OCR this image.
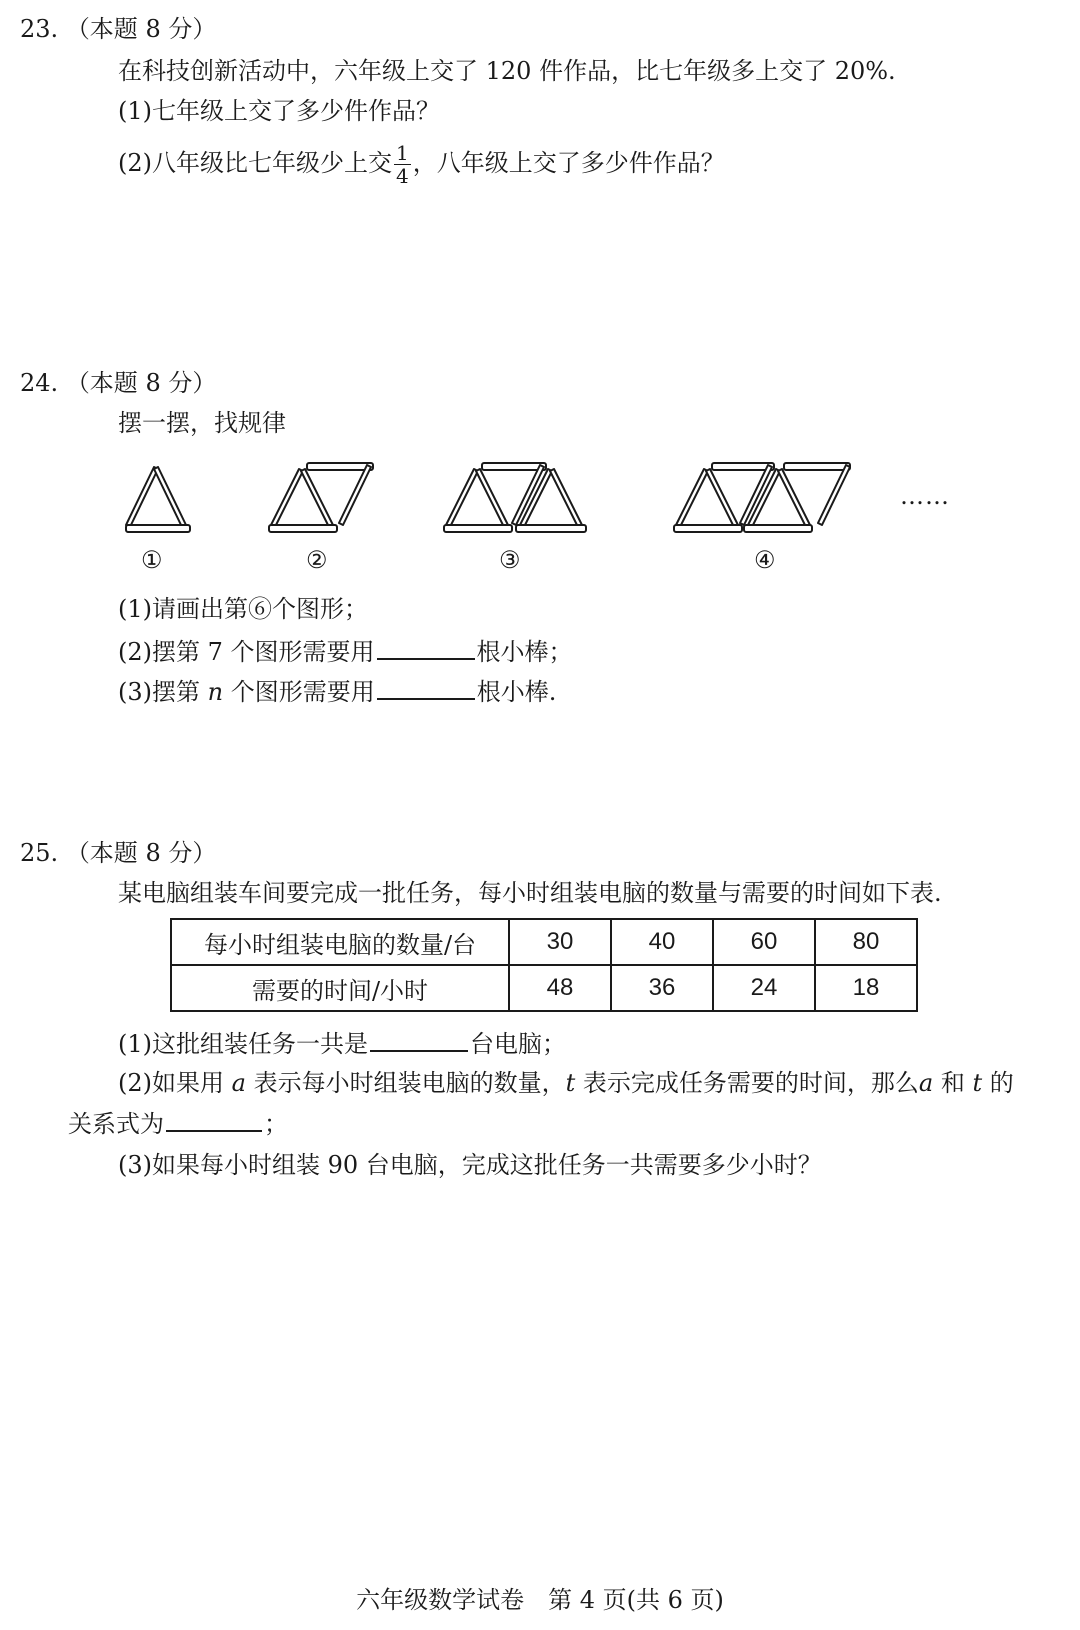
23. （本题 8 分）
在科技创新活动中，六年级上交了 120 件作品，比七年级多上交了 20%.
(1)七年级上交了多少件作品？
(2)八年级比七年级少上交 $\frac{1}{4}$ ，八年级上交了多少件作品？
24. （本题 8 分）
摆一摆，找规律
①	②	③	④
……
(1)请画出第⑥个图形；
(2)摆第 7 个图形需要用	根小棒；
(3)摆第 n 个图形需要用	根小棒.
25. （本题 8 分）
某电脑组装车间要完成一批任务，每小时组装电脑的数量与需要的时间如下表.
每小时组装电脑的数量/台	30	40	60	80
需要的时间/小时	48	36	24	18
(1)这批组装任务一共是	台电脑；
(2)如果用 a 表示每小时组装电脑的数量，t 表示完成任务需要的时间，那么a 和 t 的
关系式为	；
(3)如果每小时组装 90 台电脑，完成这批任务一共需要多少小时？
六年级数学试卷　第 4 页(共 6 页)
